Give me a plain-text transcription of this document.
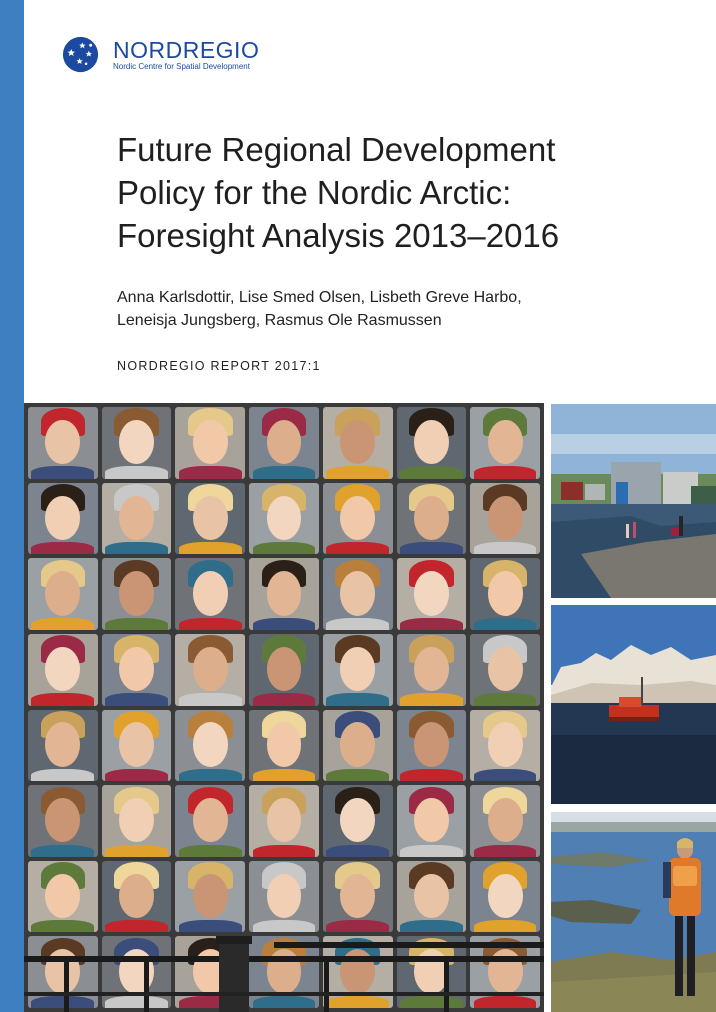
NORDREGIO
Nordic Centre for Spatial Development
Future Regional Development
Policy for the Nordic Arctic:
Foresight Analysis 2013–2016
Anna Karlsdottir, Lise Smed Olsen, Lisbeth Greve Harbo,
Leneisja Jungsberg, Rasmus Ole Rasmussen
NORDREGIO REPORT 2017:1
